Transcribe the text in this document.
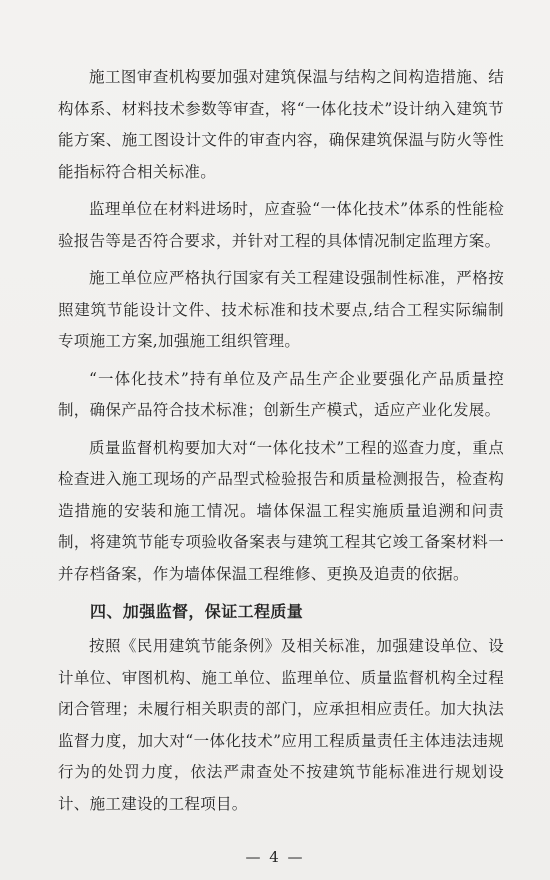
施工图审查机构要加强对建筑保温与结构之间构造措施、结构体系、材料技术参数等审查，将“一体化技术”设计纳入建筑节能方案、施工图设计文件的审查内容，确保建筑保温与防火等性能指标符合相关标准。

监理单位在材料进场时，应查验“一体化技术”体系的性能检验报告等是否符合要求，并针对工程的具体情况制定监理方案。

施工单位应严格执行国家有关工程建设强制性标准，严格按照建筑节能设计文件、技术标准和技术要点,结合工程实际编制专项施工方案,加强施工组织管理。

“一体化技术”持有单位及产品生产企业要强化产品质量控制，确保产品符合技术标准；创新生产模式，适应产业化发展。

质量监督机构要加大对“一体化技术”工程的巡查力度，重点检查进入施工现场的产品型式检验报告和质量检测报告，检查构造措施的安装和施工情况。墙体保温工程实施质量追溯和问责制，将建筑节能专项验收备案表与建筑工程其它竣工备案材料一并存档备案，作为墙体保温工程维修、更换及追责的依据。

四、加强监督，保证工程质量

按照《民用建筑节能条例》及相关标准，加强建设单位、设计单位、审图机构、施工单位、监理单位、质量监督机构全过程闭合管理；未履行相关职责的部门，应承担相应责任。加大执法监督力度，加大对“一体化技术”应用工程质量责任主体违法违规行为的处罚力度，依法严肃查处不按建筑节能标准进行规划设计、施工建设的工程项目。

— 4 —
